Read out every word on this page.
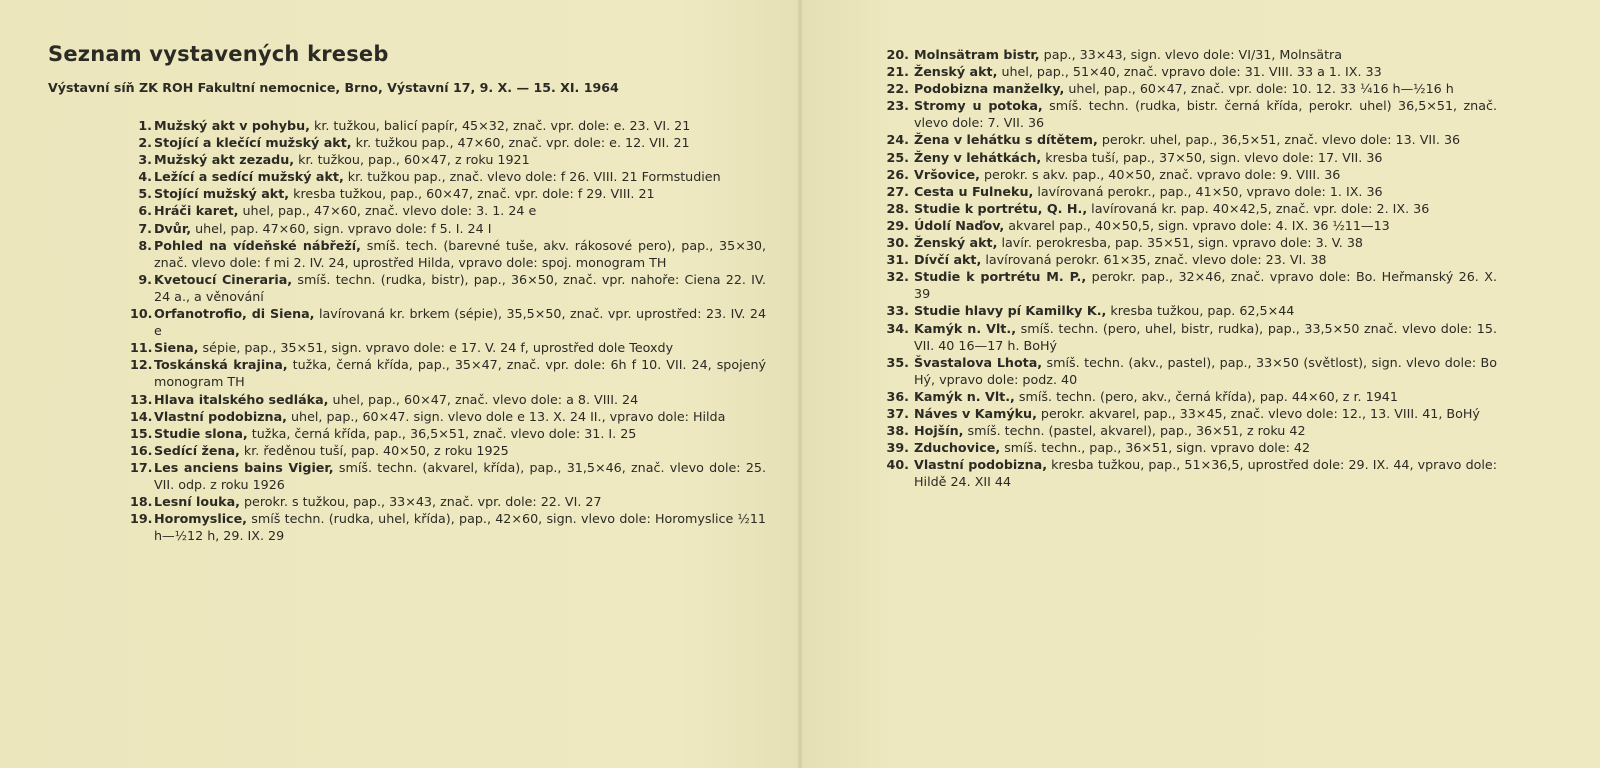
Seznam vystavených kreseb
Výstavní síň ZK ROH Fakultní nemocnice, Brno, Výstavní 17, 9. X. — 15. XI. 1964
1. Mužský akt v pohybu, kr. tužkou, balicí papír, 45×32, znač. vpr. dole: e. 23. VI. 21
2. Stojící a klečící mužský akt, kr. tužkou pap., 47×60, znač. vpr. dole: e. 12. VII. 21
3. Mužský akt zezadu, kr. tužkou, pap., 60×47, z roku 1921
4. Ležící a sedící mužský akt, kr. tužkou pap., znač. vlevo dole: f 26. VIII. 21 Formstudien
5. Stojící mužský akt, kresba tužkou, pap., 60×47, znač. vpr. dole: f 29. VIII. 21
6. Hráči karet, uhel, pap., 47×60, znač. vlevo dole: 3. 1. 24 e
7. Dvůr, uhel, pap. 47×60, sign. vpravo dole: f 5. I. 24 I
8. Pohled na vídeňské nábřeží, smíš. tech. (barevné tuše, akv. rákosové pero), pap., 35×30, znač. vlevo dole: f mi 2. IV. 24, uprostřed Hilda, vpravo dole: spoj. monogram TH
9. Kvetoucí Cineraria, smíš. techn. (rudka, bistr), pap., 36×50, znač. vpr. nahoře: Ciena 22. IV. 24 a., a věnování
10. Orfanotrofio, di Siena, lavírovaná kr. brkem (sépie), 35,5×50, znač. vpr. uprostřed: 23. IV. 24 e
11. Siena, sépie, pap., 35×51, sign. vpravo dole: e 17. V. 24 f, uprostřed dole Teoxdy
12. Toskánská krajina, tužka, černá křída, pap., 35×47, znač. vpr. dole: 6h f 10. VII. 24, spojený monogram TH
13. Hlava italského sedláka, uhel, pap., 60×47, znač. vlevo dole: a 8. VIII. 24
14. Vlastní podobizna, uhel, pap., 60×47. sign. vlevo dole e 13. X. 24 II., vpravo dole: Hilda
15. Studie slona, tužka, černá křída, pap., 36,5×51, znač. vlevo dole: 31. I. 25
16. Sedící žena, kr. ředěnou tuší, pap. 40×50, z roku 1925
17. Les anciens bains Vigier, smíš. techn. (akvarel, křída), pap., 31,5×46, znač. vlevo dole: 25. VII. odp. z roku 1926
18. Lesní louka, perokr. s tužkou, pap., 33×43, znač. vpr. dole: 22. VI. 27
19. Horomyslice, smíš techn. (rudka, uhel, křída), pap., 42×60, sign. vlevo dole: Horomyslice ½11 h—½12 h, 29. IX. 29
20. Molnsätram bistr, pap., 33×43, sign. vlevo dole: VI/31, Molnsätra
21. Ženský akt, uhel, pap., 51×40, znač. vpravo dole: 31. VIII. 33 a 1. IX. 33
22. Podobizna manželky, uhel, pap., 60×47, znač. vpr. dole: 10. 12. 33 ¼16 h—½16 h
23. Stromy u potoka, smíš. techn. (rudka, bistr. černá křída, perokr. uhel) 36,5×51, znač. vlevo dole: 7. VII. 36
24. Žena v lehátku s dítětem, perokr. uhel, pap., 36,5×51, znač. vlevo dole: 13. VII. 36
25. Ženy v lehátkách, kresba tuší, pap., 37×50, sign. vlevo dole: 17. VII. 36
26. Vršovice, perokr. s akv. pap., 40×50, znač. vpravo dole: 9. VIII. 36
27. Cesta u Fulneku, lavírovaná perokr., pap., 41×50, vpravo dole: 1. IX. 36
28. Studie k portrétu, Q. H., lavírovaná kr. pap. 40×42,5, znač. vpr. dole: 2. IX. 36
29. Údolí Naďov, akvarel pap., 40×50,5, sign. vpravo dole: 4. IX. 36 ½11—13
30. Ženský akt, lavír. perokresba, pap. 35×51, sign. vpravo dole: 3. V. 38
31. Dívčí akt, lavírovaná perokr. 61×35, znač. vlevo dole: 23. VI. 38
32. Studie k portrétu M. P., perokr. pap., 32×46, znač. vpravo dole: Bo. Heřmanský 26. X. 39
33. Studie hlavy pí Kamilky K., kresba tužkou, pap. 62,5×44
34. Kamýk n. Vlt., smíš. techn. (pero, uhel, bistr, rudka), pap., 33,5×50 znač. vlevo dole: 15. VII. 40 16—17 h. BoHý
35. Švastalova Lhota, smíš. techn. (akv., pastel), pap., 33×50 (světlost), sign. vlevo dole: Bo Hý, vpravo dole: podz. 40
36. Kamýk n. Vlt., smíš. techn. (pero, akv., černá křída), pap. 44×60, z r. 1941
37. Náves v Kamýku, perokr. akvarel, pap., 33×45, znač. vlevo dole: 12., 13. VIII. 41, BoHý
38. Hojšín, smíš. techn. (pastel, akvarel), pap., 36×51, z roku 42
39. Zduchovice, smíš. techn., pap., 36×51, sign. vpravo dole: 42
40. Vlastní podobizna, kresba tužkou, pap., 51×36,5, uprostřed dole: 29. IX. 44, vpravo dole: Hildě 24. XII 44
